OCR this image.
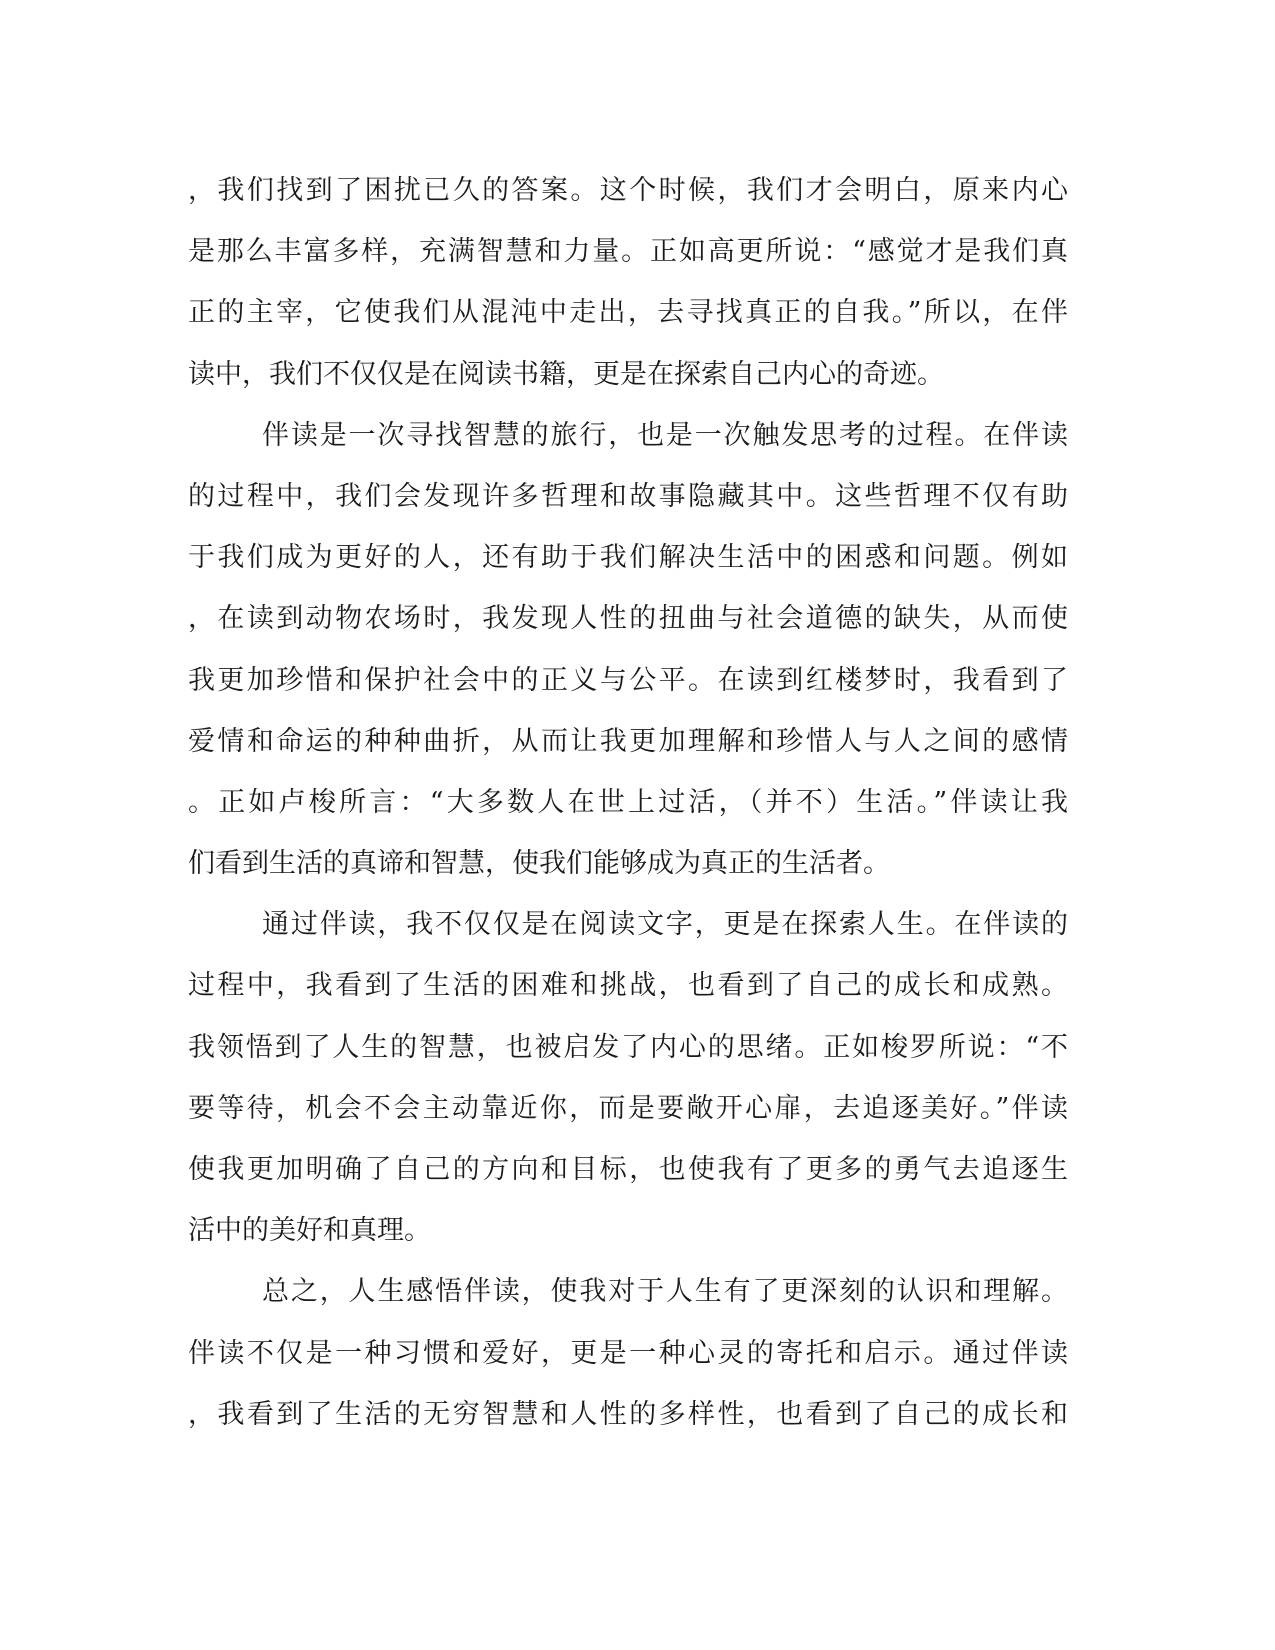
，我们找到了困扰已久的答案。这个时候，我们才会明白，原来内心
是那么丰富多样，充满智慧和力量。正如高更所说：“感觉才是我们真
正的主宰，它使我们从混沌中走出，去寻找真正的自我。”所以，在伴
读中，我们不仅仅是在阅读书籍，更是在探索自己内心的奇迹。
伴读是一次寻找智慧的旅行，也是一次触发思考的过程。在伴读
的过程中，我们会发现许多哲理和故事隐藏其中。这些哲理不仅有助
于我们成为更好的人，还有助于我们解决生活中的困惑和问题。例如
，在读到动物农场时，我发现人性的扭曲与社会道德的缺失，从而使
我更加珍惜和保护社会中的正义与公平。在读到红楼梦时，我看到了
爱情和命运的种种曲折，从而让我更加理解和珍惜人与人之间的感情
。正如卢梭所言：“大多数人在世上过活，（并不）生活。”伴读让我
们看到生活的真谛和智慧，使我们能够成为真正的生活者。
通过伴读，我不仅仅是在阅读文字，更是在探索人生。在伴读的
过程中，我看到了生活的困难和挑战，也看到了自己的成长和成熟。
我领悟到了人生的智慧，也被启发了内心的思绪。正如梭罗所说：“不
要等待，机会不会主动靠近你，而是要敞开心扉，去追逐美好。”伴读
使我更加明确了自己的方向和目标，也使我有了更多的勇气去追逐生
活中的美好和真理。
总之，人生感悟伴读，使我对于人生有了更深刻的认识和理解。
伴读不仅是一种习惯和爱好，更是一种心灵的寄托和启示。通过伴读
，我看到了生活的无穷智慧和人性的多样性，也看到了自己的成长和
